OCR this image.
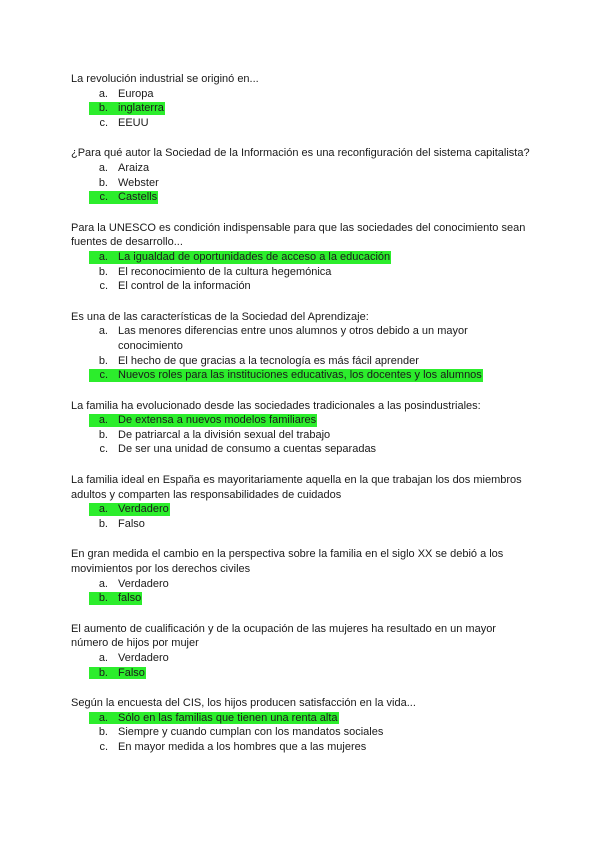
La revolución industrial se originó en...

a. Europa
b. inglaterra
c. EEUU

¿Para qué autor la Sociedad de la Información es una reconfiguración del sistema capitalista?

a. Araiza
b. Webster
c. Castells

Para la UNESCO es condición indispensable para que las sociedades del conocimiento sean fuentes de desarrollo...

a. La igualdad de oportunidades de acceso a la educación
b. El reconocimiento de la cultura hegemónica
c. El control de la información

Es una de las características de la Sociedad del Aprendizaje:

a. Las menores diferencias entre unos alumnos y otros debido a un mayor conocimiento
b. El hecho de que gracias a la tecnología es más fácil aprender
c. Nuevos roles para las instituciones educativas, los docentes y los alumnos

La familia ha evolucionado desde las sociedades tradicionales a las posindustriales:

a. De extensa a nuevos modelos familiares
b. De patriarcal a la división sexual del trabajo
c. De ser una unidad de consumo a cuentas separadas

La familia ideal en España es mayoritariamente aquella en la que trabajan los dos miembros adultos y comparten las responsabilidades de cuidados

a. Verdadero
b. Falso

En gran medida el cambio en la perspectiva sobre la familia en el siglo XX se debió a los movimientos por los derechos civiles

a. Verdadero
b. falso

El aumento de cualificación y de la ocupación de las mujeres ha resultado en un mayor número de hijos por mujer

a. Verdadero
b. Falso

Según la encuesta del CIS, los hijos producen satisfacción en la vida...

a. Sólo en las familias que tienen una renta alta
b. Siempre y cuando cumplan con los mandatos sociales
c. En mayor medida a los hombres que a las mujeres
